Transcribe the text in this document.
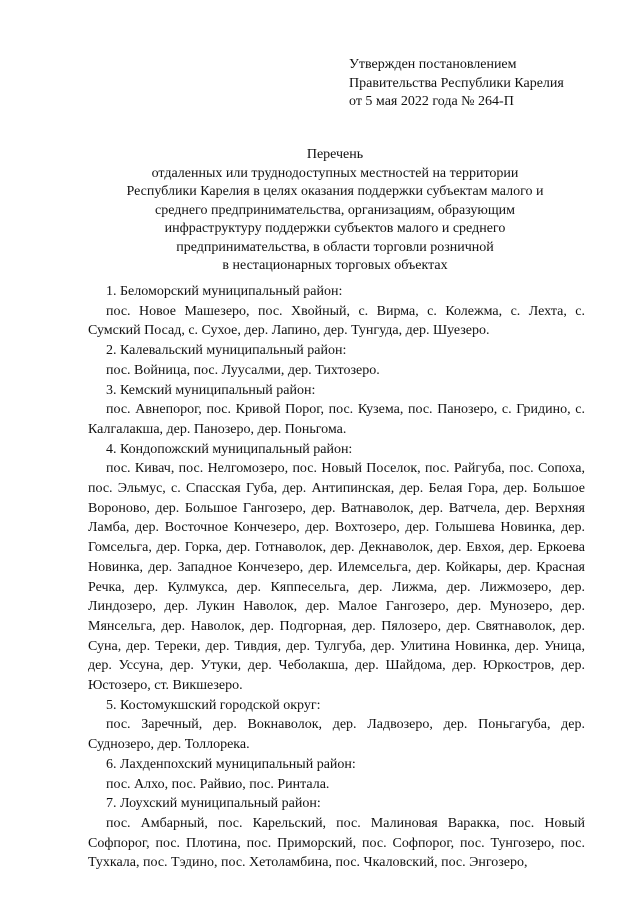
Утвержден постановлением
Правительства Республики Карелия
от 5 мая 2022 года № 264-П
Перечень
отдаленных или труднодоступных местностей на территории
Республики Карелия в целях оказания поддержки субъектам малого и
среднего предпринимательства, организациям, образующим
инфраструктуру поддержки субъектов малого и среднего
предпринимательства, в области торговли розничной
в нестационарных торговых объектах
1. Беломорский муниципальный район:
пос. Новое Машезеро, пос. Хвойный, с. Вирма, с. Колежма, с. Лехта, с. Сумский Посад, с. Сухое, дер. Лапино, дер. Тунгуда, дер. Шуезеро.
2. Калевальский муниципальный район:
пос. Войница, пос. Луусалми, дер. Тихтозеро.
3. Кемский муниципальный район:
пос. Авнепорог, пос. Кривой Порог, пос. Кузема, пос. Панозеро, с. Гридино, с. Калгалакша, дер. Панозеро, дер. Поньгома.
4. Кондопожский муниципальный район:
пос. Кивач, пос. Нелгомозеро, пос. Новый Поселок, пос. Райгуба, пос. Сопоха, пос. Эльмус, с. Спасская Губа, дер. Антипинская, дер. Белая Гора, дер. Большое Вороново, дер. Большое Гангозеро, дер. Ватнаволок, дер. Ватчела, дер. Верхняя Ламба, дер. Восточное Кончезеро, дер. Вохтозеро, дер. Голышева Новинка, дер. Гомсельга, дер. Горка, дер. Готнаволок, дер. Декнаволок, дер. Евхоя, дер. Еркоева Новинка, дер. Западное Кончезеро, дер. Илемсельга, дер. Койкары, дер. Красная Речка, дер. Кулмукса, дер. Кяппесельга, дер. Лижма, дер. Лижмозеро, дер. Линдозеро, дер. Лукин Наволок, дер. Малое Гангозеро, дер. Мунозеро, дер. Мянсельга, дер. Наволок, дер. Подгорная, дер. Пялозеро, дер. Святнаволок, дер. Суна, дер. Тереки, дер. Тивдия, дер. Тулгуба, дер. Улитина Новинка, дер. Уница, дер. Уссуна, дер. Утуки, дер. Чеболакша, дер. Шайдома, дер. Юркостров, дер. Юстозеро, ст. Викшезеро.
5. Костомукшский городской округ:
пос. Заречный, дер. Вокнаволок, дер. Ладвозеро, дер. Поньгагуба, дер. Суднозеро, дер. Толлорека.
6. Лахденпохский муниципальный район:
пос. Алхо, пос. Райвио, пос. Ринтала.
7. Лоухский муниципальный район:
пос. Амбарный, пос. Карельский, пос. Малиновая Варакка, пос. Новый Софпорог, пос. Плотина, пос. Приморский, пос. Софпорог, пос. Тунгозеро, пос. Тухкала, пос. Тэдино, пос. Хетоламбина, пос. Чкаловский, пос. Энгозеро,
